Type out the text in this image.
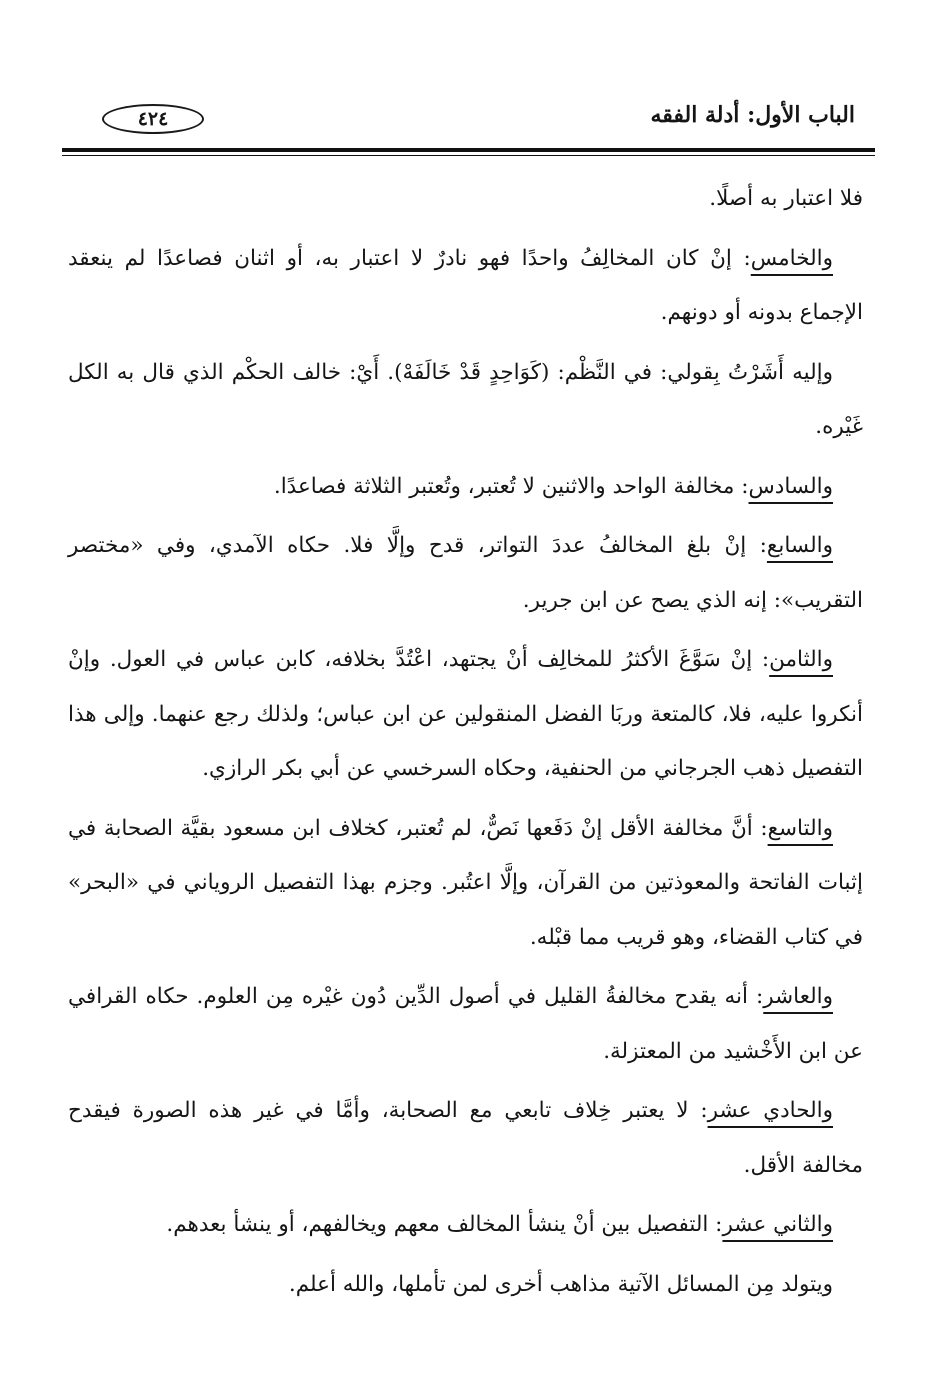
٤٢٤	الباب الأول: أدلة الفقه

فلا اعتبار به أصلًا.

والخامس: إنْ كان المخالِفُ واحدًا فهو نادرٌ لا اعتبار به، أو اثنان فصاعدًا لم ينعقد الإجماع بدونه أو دونهم.

وإليه أَشَرْتُ بِقولي: في النَّظْم: (كَوَاحِدٍ قَدْ خَالَفَهْ). أَيْ: خالف الحكْم الذي قال به الكل غَيْره.

والسادس: مخالفة الواحد والاثنين لا تُعتبر، وتُعتبر الثلاثة فصاعدًا.

والسابع: إنْ بلغ المخالفُ عددَ التواتر، قدح وإلَّا فلا. حكاه الآمدي، وفي «مختصر التقريب»: إنه الذي يصح عن ابن جرير.

والثامن: إنْ سَوَّغَ الأكثرُ للمخالِف أنْ يجتهد، اعْتُدَّ بخلافه، كابن عباس في العول. وإنْ أنكروا عليه، فلا، كالمتعة وربَا الفضل المنقولين عن ابن عباس؛ ولذلك رجع عنهما. وإلى هذا التفصيل ذهب الجرجاني من الحنفية، وحكاه السرخسي عن أبي بكر الرازي.

والتاسع: أنَّ مخالفة الأقل إنْ دَفَعها نَصٌّ، لم تُعتبر، كخلاف ابن مسعود بقيَّة الصحابة في إثبات الفاتحة والمعوذتين من القرآن، وإلَّا اعتُبر. وجزم بهذا التفصيل الروياني في «البحر» في كتاب القضاء، وهو قريب مما قبْله.

والعاشر: أنه يقدح مخالفةُ القليل في أصول الدِّين دُون غيْره مِن العلوم. حكاه القرافي عن ابن الأَخْشيد من المعتزلة.

والحادي عشر: لا يعتبر خِلاف تابعي مع الصحابة، وأمَّا في غير هذه الصورة فيقدح مخالفة الأقل.

والثاني عشر: التفصيل بين أنْ ينشأ المخالف معهم ويخالفهم، أو ينشأ بعدهم.

ويتولد مِن المسائل الآتية مذاهب أخرى لمن تأملها، والله أعلم.
